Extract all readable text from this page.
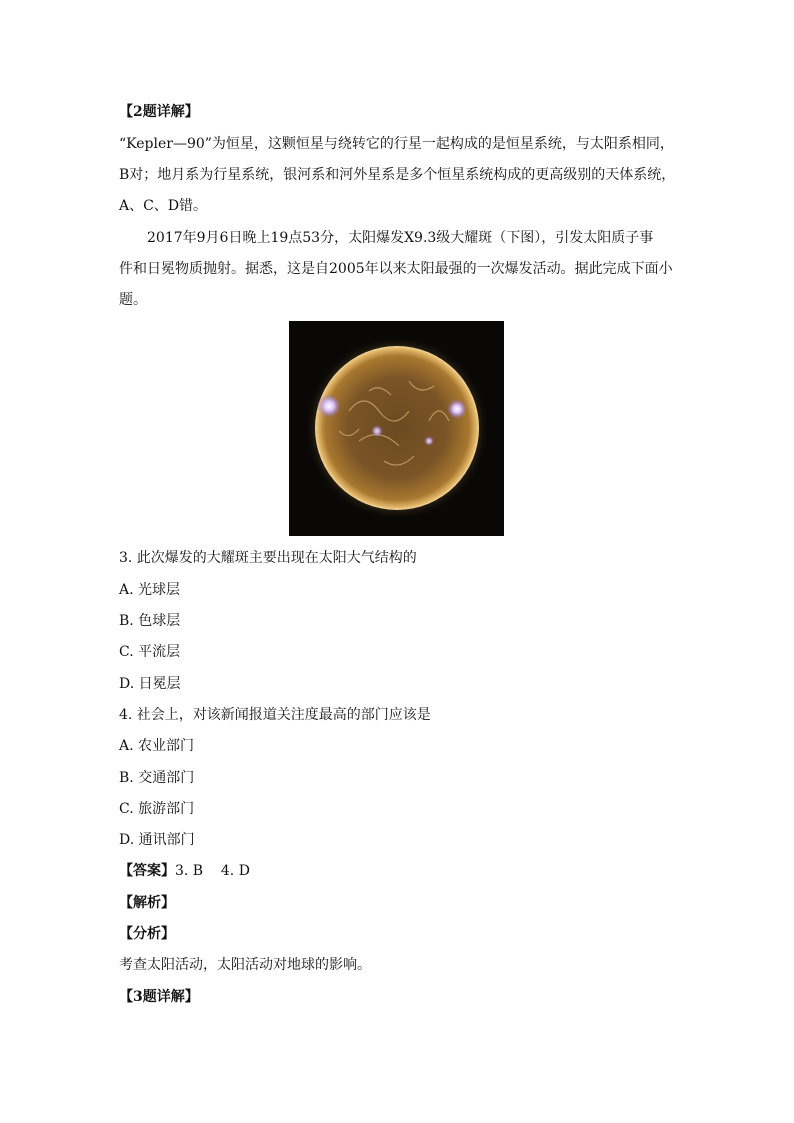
【2题详解】
“Kepler—90”为恒星，这颗恒星与绕转它的行星一起构成的是恒星系统，与太阳系相同，
B对；地月系为行星系统，银河系和河外星系是多个恒星系统构成的更高级别的天体系统，
A、C、D错。
2017年9月6日晚上19点53分，太阳爆发X9.3级大耀斑（下图），引发太阳质子事
件和日冕物质抛射。据悉，这是自2005年以来太阳最强的一次爆发活动。据此完成下面小
题。
3. 此次爆发的大耀斑主要出现在太阳大气结构的
A. 光球层
B. 色球层
C. 平流层
D. 日冕层
4. 社会上，对该新闻报道关注度最高的部门应该是
A. 农业部门
B. 交通部门
C. 旅游部门
D. 通讯部门
【答案】3. B    4. D
【解析】
【分析】
考查太阳活动，太阳活动对地球的影响。
【3题详解】
